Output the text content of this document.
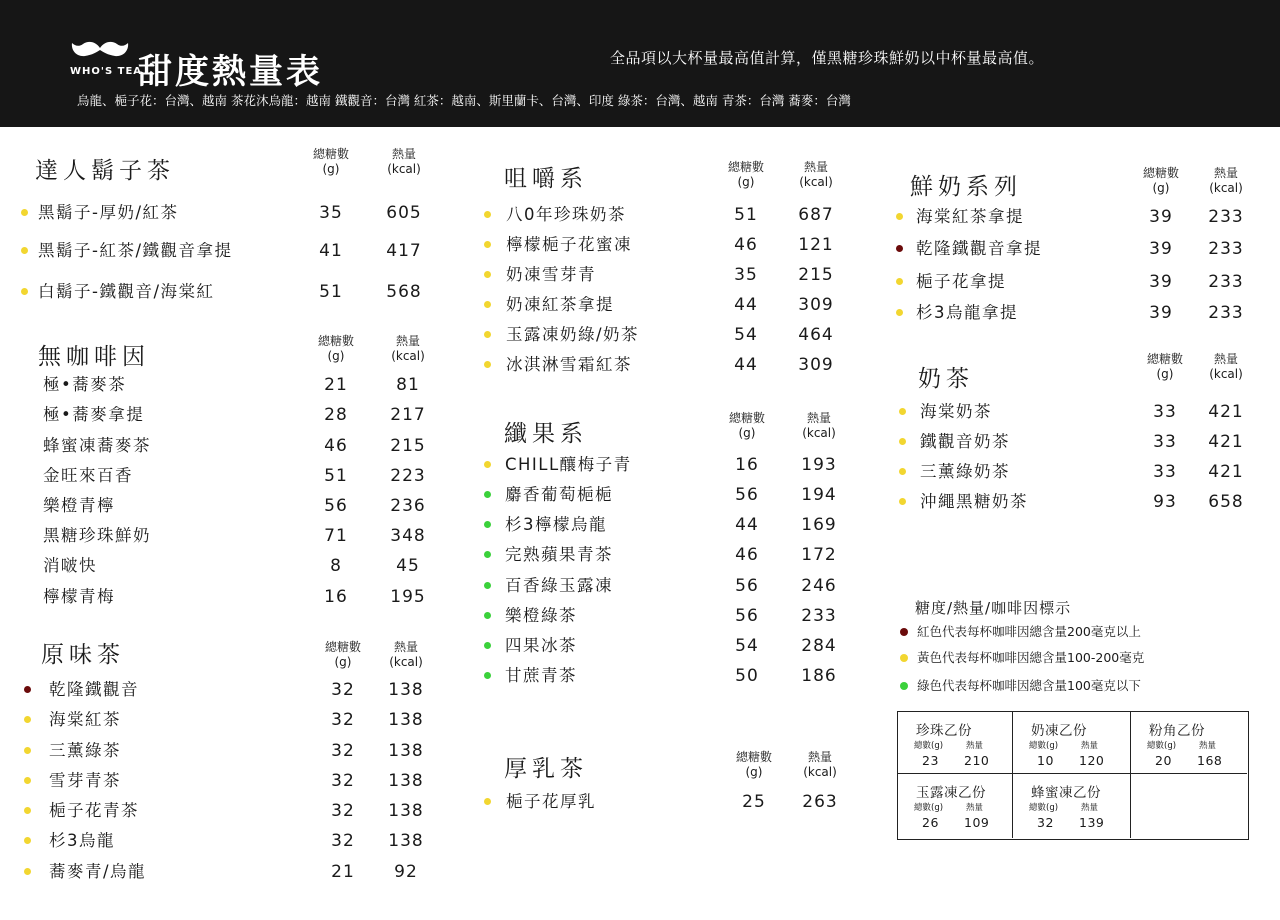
WHO'S TEA
甜度熱量表	全品項以大杯量最高值計算，僅黑糖珍珠鮮奶以中杯量最高值。
烏龍、梔子花：台灣、越南 茶花沐烏龍：越南 鐵觀音：台灣 紅茶：越南、斯里蘭卡、台灣、印度 綠茶：台灣、越南 青茶：台灣 蕎麥：台灣
達人鬍子茶
總糖數
(g)
熱量
(kcal)
黑鬍子-厚奶/紅茶	35	605
黑鬍子-紅茶/鐵觀音拿提	41	417
白鬍子-鐵觀音/海棠紅	51	568
無咖啡因
總糖數
(g)
熱量
(kcal)
極•蕎麥茶	21	81
極•蕎麥拿提	28	217
蜂蜜凍蕎麥茶	46	215
金旺來百香	51	223
樂橙青檸	56	236
黑糖珍珠鮮奶	71	348
消啵快	8	45
檸檬青梅	16	195
原味茶	總糖數
(g)
熱量
(kcal)
乾隆鐵觀音	32	138
海棠紅茶	32	138
三薰綠茶	32	138
雪芽青茶	32	138
梔子花青茶	32	138
杉3烏龍	32	138
蕎麥青/烏龍	21	92
咀嚼系	總糖數
(g)
熱量
(kcal)
八0年珍珠奶茶	51	687
檸檬梔子花蜜凍	46	121
奶凍雪芽青	35	215
奶凍紅茶拿提	44	309
玉露凍奶綠/奶茶	54	464
冰淇淋雪霜紅茶	44	309
纖果系
總糖數
(g)
熱量
(kcal)
CHILL釀梅子青	16	193
麝香葡萄梔梔	56	194
杉3檸檬烏龍	44	169
完熟蘋果青茶	46	172
百香綠玉露凍	56	246
樂橙綠茶	56	233
四果冰茶	54	284
甘蔗青茶	50	186
厚乳茶	總糖數
(g)
熱量
(kcal)
梔子花厚乳	25	263
鮮奶系列
總糖數
(g)
熱量
(kcal)
海棠紅茶拿提	39	233
乾隆鐵觀音拿提	39	233
梔子花拿提	39	233
杉3烏龍拿提	39	233
奶茶
總糖數
(g)
熱量
(kcal)
海棠奶茶	33	421
鐵觀音奶茶	33	421
三薰綠奶茶	33	421
沖繩黑糖奶茶	93	658
糖度/熱量/咖啡因標示
紅色代表每杯咖啡因總含量200毫克以上
黃色代表每杯咖啡因總含量100-200毫克
綠色代表每杯咖啡因總含量100毫克以下
珍珠乙份
總數(g)	熱量
23 210
奶凍乙份
總數(g)	熱量
10 120
粉角乙份
總數(g)	熱量
20 168
玉露凍乙份
總數(g)	熱量
26 109
蜂蜜凍乙份
總數(g)	熱量
32 139
